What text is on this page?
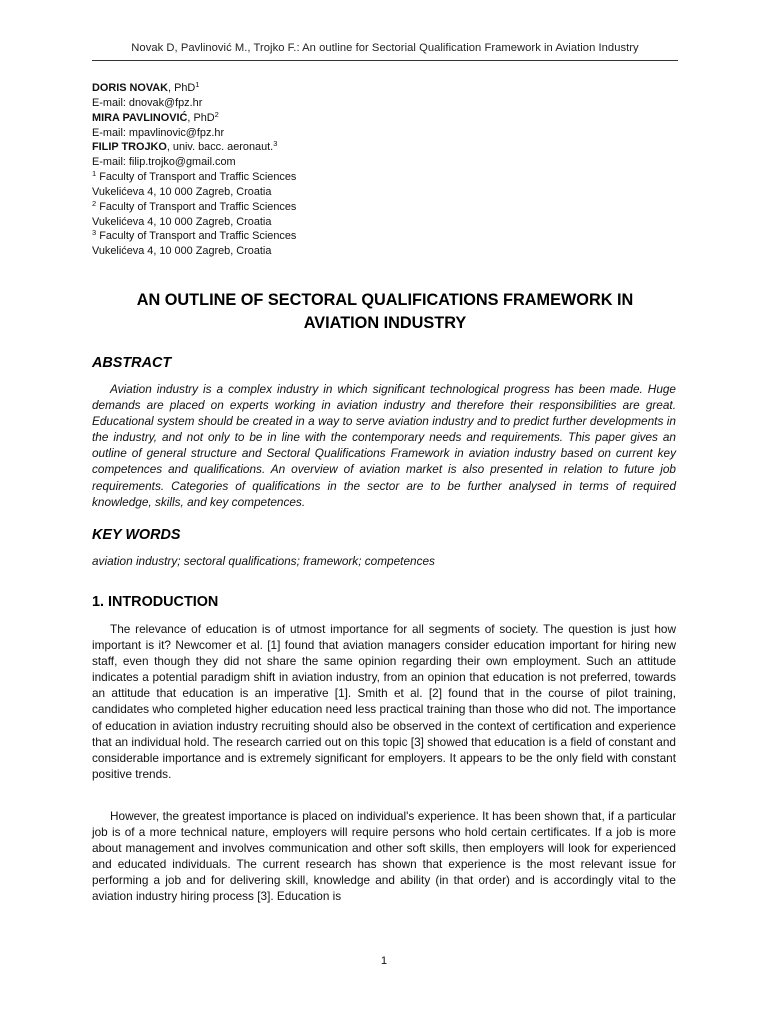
Novak D, Pavlinović M., Trojko F.: An outline for Sectorial Qualification Framework in Aviation Industry
DORIS NOVAK, PhD$^1$
E-mail: dnovak@fpz.hr
MIRA PAVLINOVIĆ, PhD$^2$
E-mail: mpavlinovic@fpz.hr
FILIP TROJKO, univ. bacc. aeronaut.$^3$
E-mail: filip.trojko@gmail.com
$^1$ Faculty of Transport and Traffic Sciences
Vukelićeva 4, 10 000 Zagreb, Croatia
$^2$ Faculty of Transport and Traffic Sciences
Vukelićeva 4, 10 000 Zagreb, Croatia
$^3$ Faculty of Transport and Traffic Sciences
Vukelićeva 4, 10 000 Zagreb, Croatia
AN OUTLINE OF SECTORAL QUALIFICATIONS FRAMEWORK IN
AVIATION INDUSTRY
ABSTRACT

Aviation industry is a complex industry in which significant technological progress has been made. Huge demands are placed on experts working in aviation industry and therefore their responsibilities are great. Educational system should be created in a way to serve aviation industry and to predict further developments in the industry, and not only to be in line with the contemporary needs and requirements. This paper gives an outline of general structure and Sectoral Qualifications Framework in aviation industry based on current key competences and qualifications. An overview of aviation market is also presented in relation to future job requirements. Categories of qualifications in the sector are to be further analysed in terms of required knowledge, skills, and key competences.

KEY WORDS
aviation industry; sectoral qualifications; framework; competences
1. INTRODUCTION

The relevance of education is of utmost importance for all segments of society. The question is just how important is it? Newcomer et al. [1] found that aviation managers consider education important for hiring new staff, even though they did not share the same opinion regarding their own employment. Such an attitude indicates a potential paradigm shift in aviation industry, from an opinion that education is not preferred, towards an attitude that education is an imperative [1]. Smith et al. [2] found that in the course of pilot training, candidates who completed higher education need less practical training than those who did not. The importance of education in aviation industry recruiting should also be observed in the context of certification and experience that an individual hold. The research carried out on this topic [3] showed that education is a field of constant and considerable importance and is extremely significant for employers. It appears to be the only field with constant positive trends.

However, the greatest importance is placed on individual's experience. It has been shown that, if a particular job is of a more technical nature, employers will require persons who hold certain certificates. If a job is more about management and involves communication and other soft skills, then employers will look for experienced and educated individuals. The current research has shown that experience is the most relevant issue for performing a job and for delivering skill, knowledge and ability (in that order) and is accordingly vital to the aviation industry hiring process [3]. Education is

1
